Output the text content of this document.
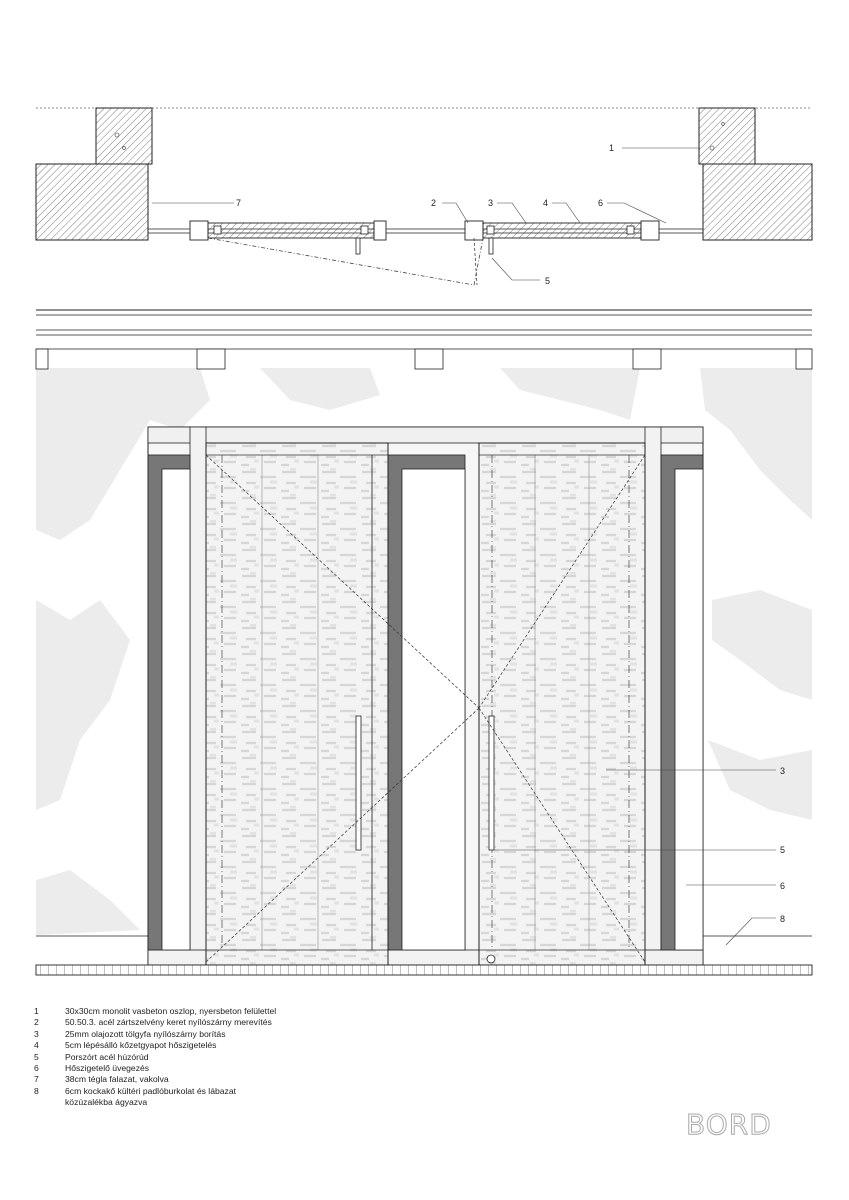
1
7	2	3	4	6
5
3
5
6
8
1	30x30cm monolit vasbeton oszlop, nyersbeton felülettel
2	50.50.3. acél zártszelvény keret nyílószárny merevítés
3	25mm olajozott tölgyfa nyílószárny borítás
4	5cm lépésálló kőzetgyapot hőszigetelés
5	Porszórt acél húzórúd
6	Hőszigetelő üvegezés
7	38cm tégla falazat, vakolva
8	6cm kockakő kültéri padlóburkolat és lábazat
közúzalékba ágyazva
BORD
